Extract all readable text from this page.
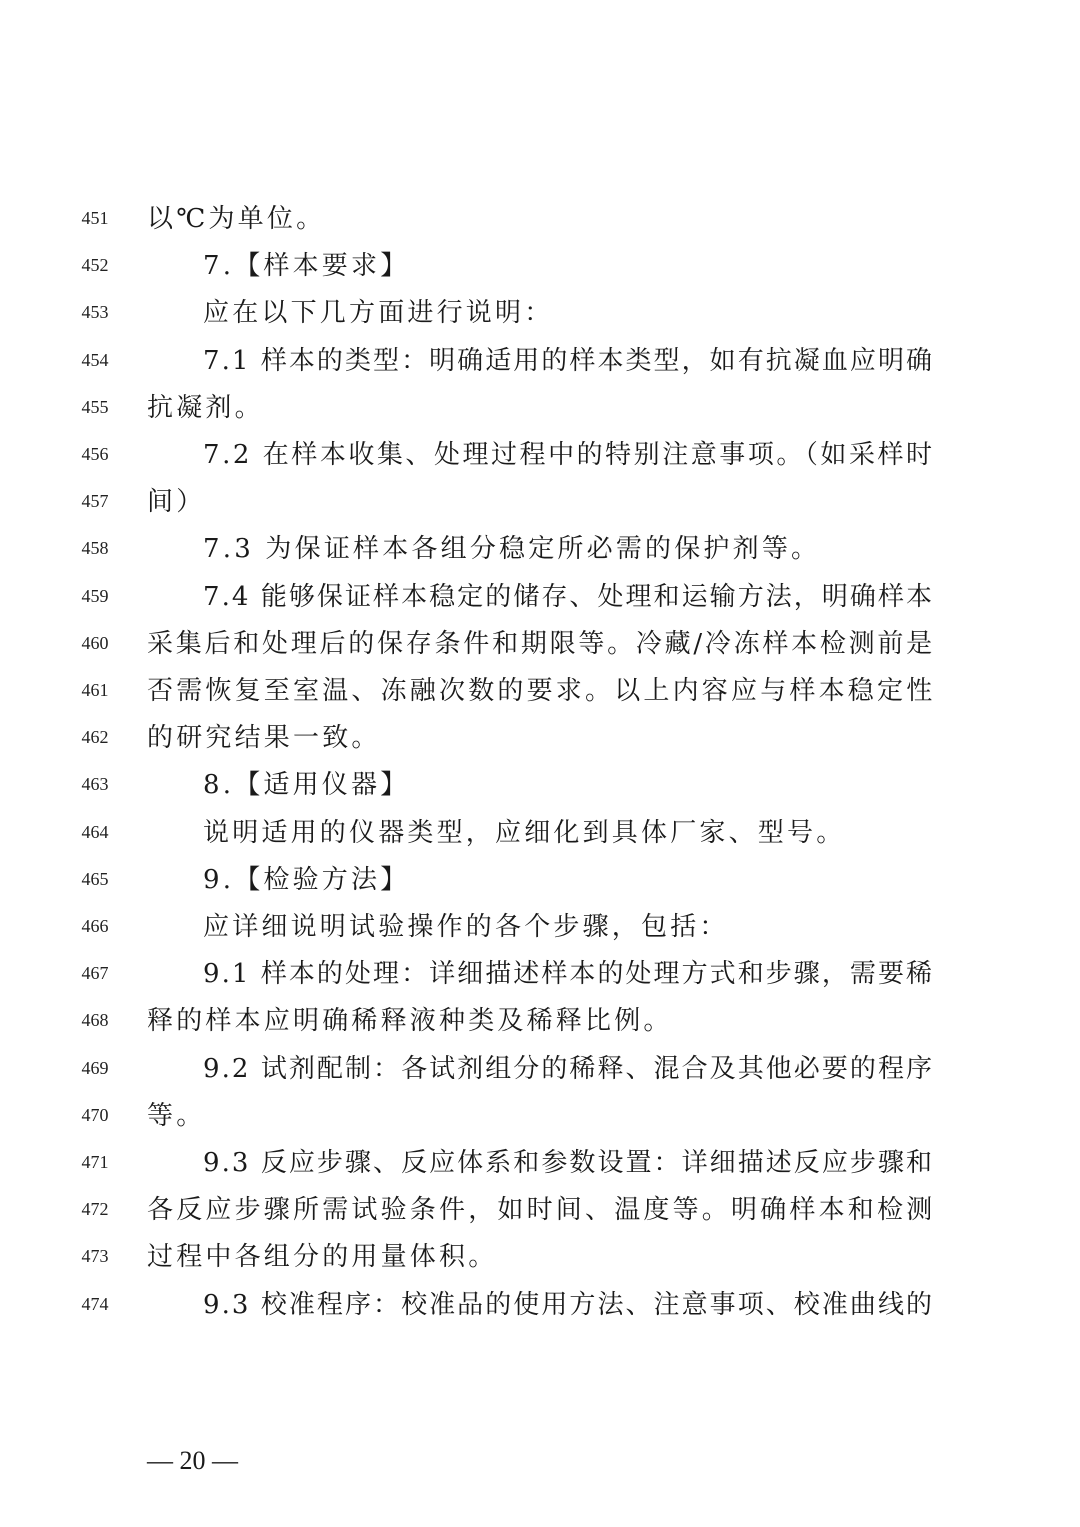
451	以℃为单位。
452	7.【样本要求】
453	应在以下几方面进行说明：
454	7.1 样本的类型：明确适用的样本类型，如有抗凝血应明确
455	抗凝剂。
456	7.2 在样本收集、处理过程中的特别注意事项。（如采样时
457	间）
458	7.3 为保证样本各组分稳定所必需的保护剂等。
459	7.4 能够保证样本稳定的储存、处理和运输方法，明确样本
460	采集后和处理后的保存条件和期限等。冷藏/冷冻样本检测前是
461	否需恢复至室温、冻融次数的要求。以上内容应与样本稳定性
462	的研究结果一致。
463	8.【适用仪器】
464	说明适用的仪器类型，应细化到具体厂家、型号。
465	9.【检验方法】
466	应详细说明试验操作的各个步骤，包括：
467	9.1 样本的处理：详细描述样本的处理方式和步骤，需要稀
468	释的样本应明确稀释液种类及稀释比例。
469	9.2 试剂配制：各试剂组分的稀释、混合及其他必要的程序
470	等。
471	9.3 反应步骤、反应体系和参数设置：详细描述反应步骤和
472	各反应步骤所需试验条件，如时间、温度等。明确样本和检测
473	过程中各组分的用量体积。
474	9.3 校准程序：校准品的使用方法、注意事项、校准曲线的
— 20 —
